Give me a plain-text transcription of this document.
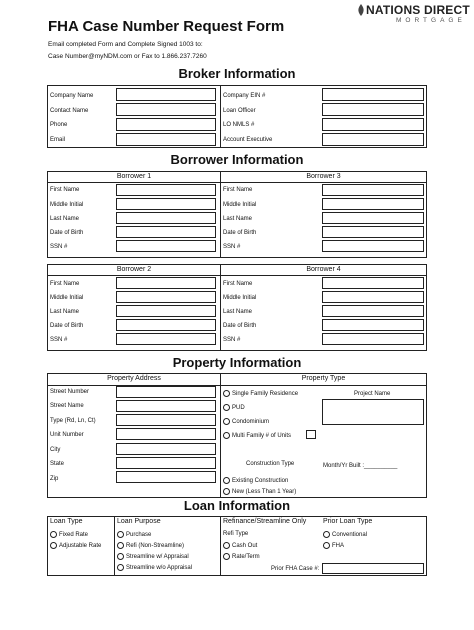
FHA Case Number Request Form
Email completed Form and Complete Signed 1003 to:
Case Number@myNDM.com or Fax to 1.866.237.7260
NATIONS DIRECT
MORTGAGE
Broker Information
Company Name
Contact Name
Phone
Email
Company EIN #
Loan Officer
LO NMLS #
Account Executive
Borrower Information
Borrower 1	Borrower 3
First Name
Middle Initial
Last Name
Date of Birth
SSN #
First Name
Middle Initial
Last Name
Date of Birth
SSN #
Borrower 2	Borrower 4
First Name
Middle Initial
Last Name
Date of Birth
SSN #
First Name
Middle Initial
Last Name
Date of Birth
SSN #
Property Information
Property Address	Property Type
Street Number
Street Name
Type (Rd, Ln, Ct)
Unit Number
City
State
Zip
Single Family Residence
PUD
Condominium
Multi Family # of Units
Project Name
Construction Type	Month/Yr Built :__________
Existing Construction
New (Less Than 1 Year)
Loan Information
Loan Type
Fixed Rate
Adjustable Rate
Loan Purpose
Purchase
Refi (Non-Streamline)
Streamline w/ Appraisal
Streamline w/o Appraisal
Refinance/Streamline Only
Refi Type
Cash Out
Rate/Term
Prior Loan Type
Conventional
FHA
Prior FHA Case #:
